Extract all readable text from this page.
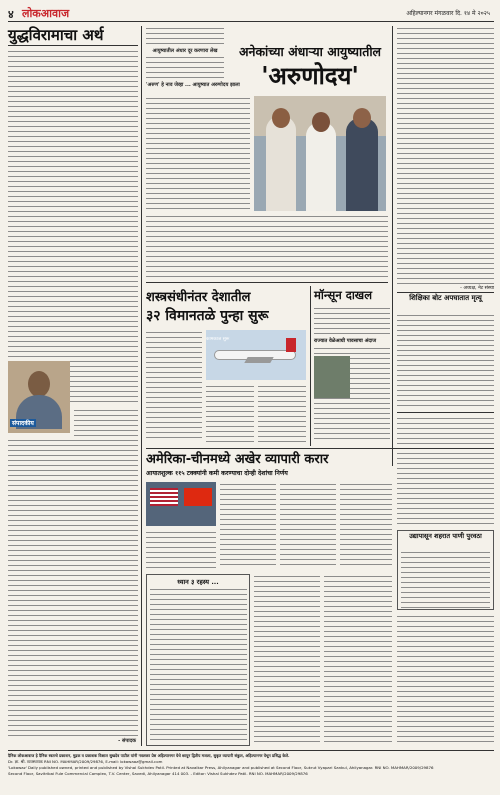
४ लोकआवाज	अहिल्यानगर मंगळवार दि. १४ मे २०२५
युद्धविरामाचा अर्थ
संपादकीय
- संपादक
आयुष्यातील अंधार दूर करणारा लेख
'अरुण' हे नाव जेव्हा ... आयुष्यात अरुणोदय झाला
अनेकांच्या अंधाऱ्या आयुष्यातील
'अरुणोदय'
- अध्यक्ष, नेट संस्था
शिक्षिका बोट अपघातात मृत्यू
उद्यापासून शहरात पाणी पुरवठा
शस्त्रसंधीनंतर देशातील
३२ विमानतळे पुन्हा सुरू
कामकाज सुरू
मॉन्सून दाखल
राज्यात वेळेआधी पावसाचा अंदाज
अमेरिका-चीनमध्ये अखेर व्यापारी करार
आयातशुल्क ११५ टक्क्यांनी कमी करण्याचा दोन्ही देशांचा निर्णय
ध्यान ३ रहस्य ...
दैनिक लोकआवाज हे दैनिक स्वतःचे प्रकाशन, मुद्रक व प्रकाशक विशाल सुखदेव पाटील यांनी नवलकर प्रेस अहिल्यानगर येथे छापून द्वितीय मजला, सुकृत व्यापारी संकुल, अहिल्यानगर येथून प्रसिद्ध केले.
Dr. ज्ञा. श्री. व्यवस्थापक RNI NO. MAHMAR/2009/29876, E-mail: lokawaaz@gmail.com
'Lokawaz' Daily published owned, printed and published by Vishal Sukhdev Patil. Printed at Navalkar Press, Ahilyanagar and published at Second Floor, Sukrut Vyapari Sankul, Ahilyanagar. RNI NO. MAHMAR/2009/29876
Second Floor, Savitribai Fule Commercial Complex, T.V. Center, Savedi, Ahilyanagar 414 003. - Editor: Vishal Sukhdev Patil. RNI NO. MAHMAR/2009/29876
